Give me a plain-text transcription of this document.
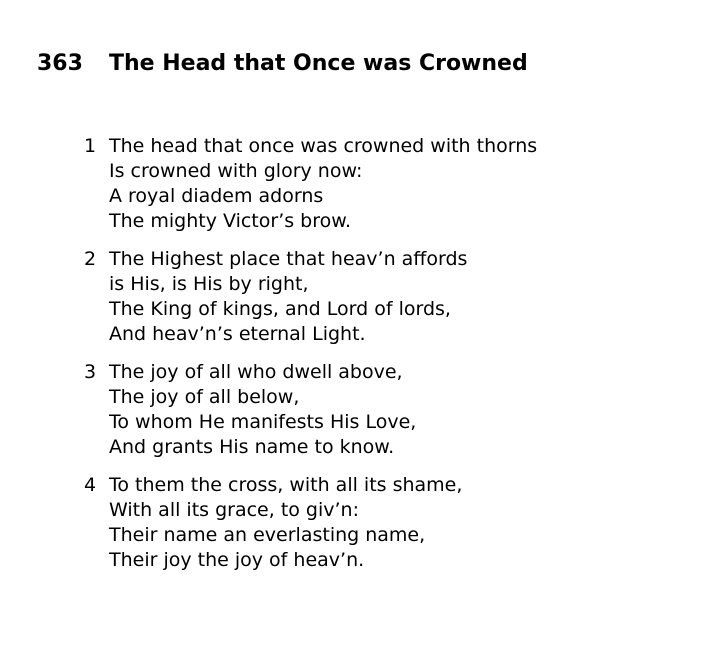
363 The Head that Once was Crowned
1 The head that once was crowned with thorns
Is crowned with glory now:
A royal diadem adorns
The mighty Victor’s brow.
2 The Highest place that heav’n affords
is His, is His by right,
The King of kings, and Lord of lords,
And heav’n’s eternal Light.
3 The joy of all who dwell above,
The joy of all below,
To whom He manifests His Love,
And grants His name to know.
4 To them the cross, with all its shame,
With all its grace, to giv’n:
Their name an everlasting name,
Their joy the joy of heav’n.
